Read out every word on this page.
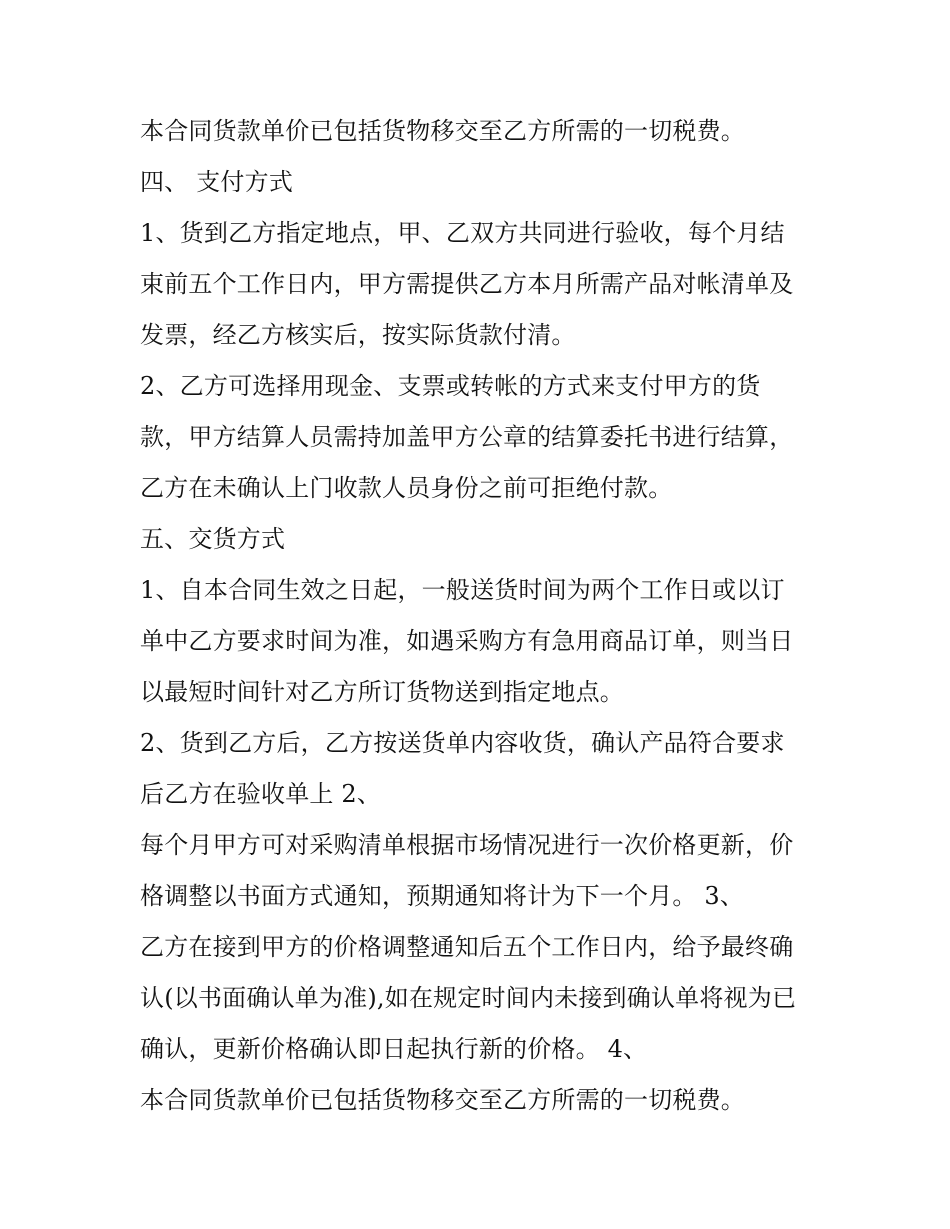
本合同货款单价已包括货物移交至乙方所需的一切税费。
四、 支付方式
1、货到乙方指定地点，甲、乙双方共同进行验收，每个月结
束前五个工作日内，甲方需提供乙方本月所需产品对帐清单及
发票，经乙方核实后，按实际货款付清。
2、乙方可选择用现金、支票或转帐的方式来支付甲方的货
款，甲方结算人员需持加盖甲方公章的结算委托书进行结算，
乙方在未确认上门收款人员身份之前可拒绝付款。
五、交货方式
1、自本合同生效之日起，一般送货时间为两个工作日或以订
单中乙方要求时间为准，如遇采购方有急用商品订单，则当日
以最短时间针对乙方所订货物送到指定地点。
2、货到乙方后，乙方按送货单内容收货，确认产品符合要求
后乙方在验收单上 2、
每个月甲方可对采购清单根据市场情况进行一次价格更新，价
格调整以书面方式通知，预期通知将计为下一个月。 3、
乙方在接到甲方的价格调整通知后五个工作日内，给予最终确
认(以书面确认单为准),如在规定时间内未接到确认单将视为已
确认，更新价格确认即日起执行新的价格。 4、
本合同货款单价已包括货物移交至乙方所需的一切税费。
